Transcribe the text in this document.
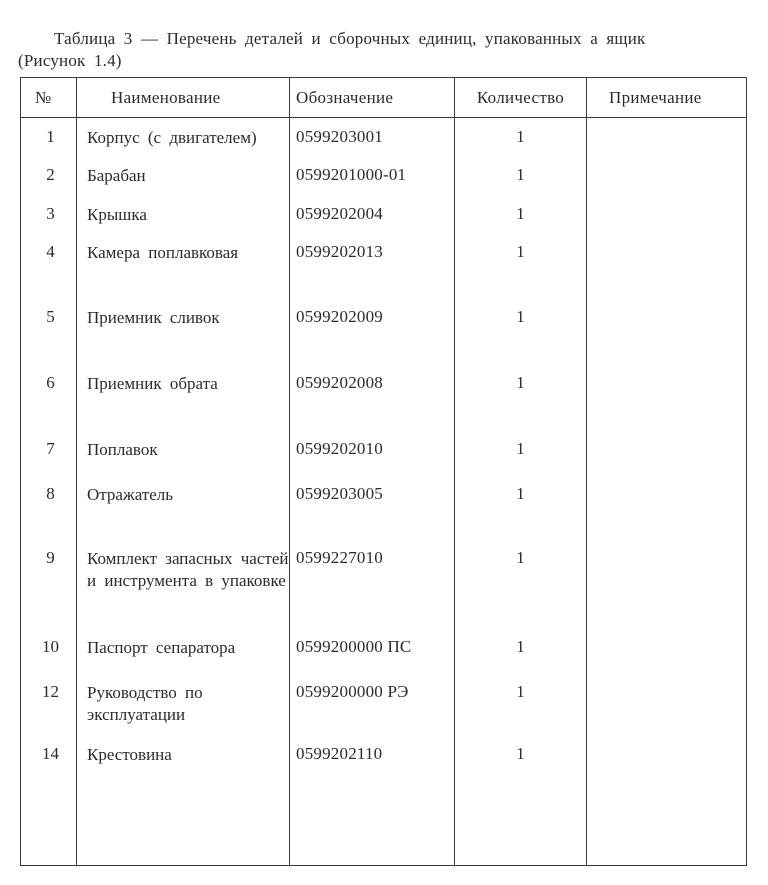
Таблица 3 — Перечень деталей и сборочных единиц, упакованных а ящик
(Рисунок 1.4)
№	Наименование	Обозначение	Количество	Примечание

1	Корпус (с двигателем)	0599203001	1	

2	Барабан	0599201000-01	1	

3	Крышка	0599202004	1	

4	Камера поплавковая	0599202013	1	

5	Приемник сливок	0599202009	1	

6	Приемник обрата	0599202008	1	

7	Поплавок	0599202010	1	

8	Отражатель	0599203005	1	

9	Комплект запасных частей и инструмента в упаковке	0599227010	1	

10	Паспорт сепаратора	0599200000 ПС	1	

12	Руководство по эксплуатации	0599200000 РЭ	1	

14	Крестовина	0599202110	1	
